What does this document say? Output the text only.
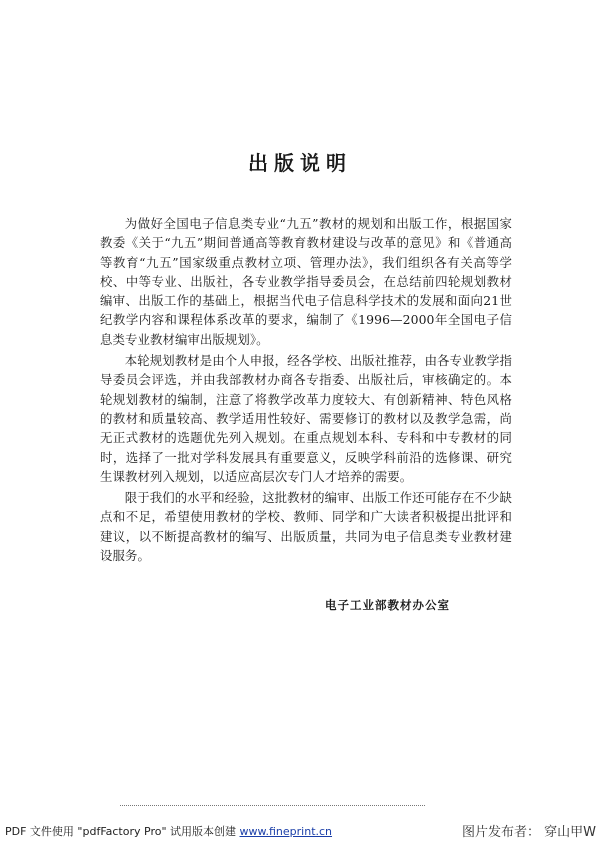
出版说明

为做好全国电子信息类专业“九五”教材的规划和出版工作，根据国家教委《关于“九五”期间普通高等教育教材建设与改革的意见》和《普通高等教育“九五”国家级重点教材立项、管理办法》，我们组织各有关高等学校、中等专业、出版社，各专业教学指导委员会，在总结前四轮规划教材编审、出版工作的基础上，根据当代电子信息科学技术的发展和面向21世纪教学内容和课程体系改革的要求，编制了《1996—2000年全国电子信息类专业教材编审出版规划》。

本轮规划教材是由个人申报，经各学校、出版社推荐，由各专业教学指导委员会评选，并由我部教材办商各专指委、出版社后，审核确定的。本轮规划教材的编制，注意了将教学改革力度较大、有创新精神、特色风格的教材和质量较高、教学适用性较好、需要修订的教材以及教学急需，尚无正式教材的选题优先列入规划。在重点规划本科、专科和中专教材的同时，选择了一批对学科发展具有重要意义，反映学科前沿的选修课、研究生课教材列入规划，以适应高层次专门人才培养的需要。

限于我们的水平和经验，这批教材的编审、出版工作还可能存在不少缺点和不足，希望使用教材的学校、教师、同学和广大读者积极提出批评和建议，以不断提高教材的编写、出版质量，共同为电子信息类专业教材建设服务。

电子工业部教材办公室
PDF 文件使用 "pdfFactory Pro" 试用版本创建 www.fineprint.cn	图片发布者： 穿山甲W
